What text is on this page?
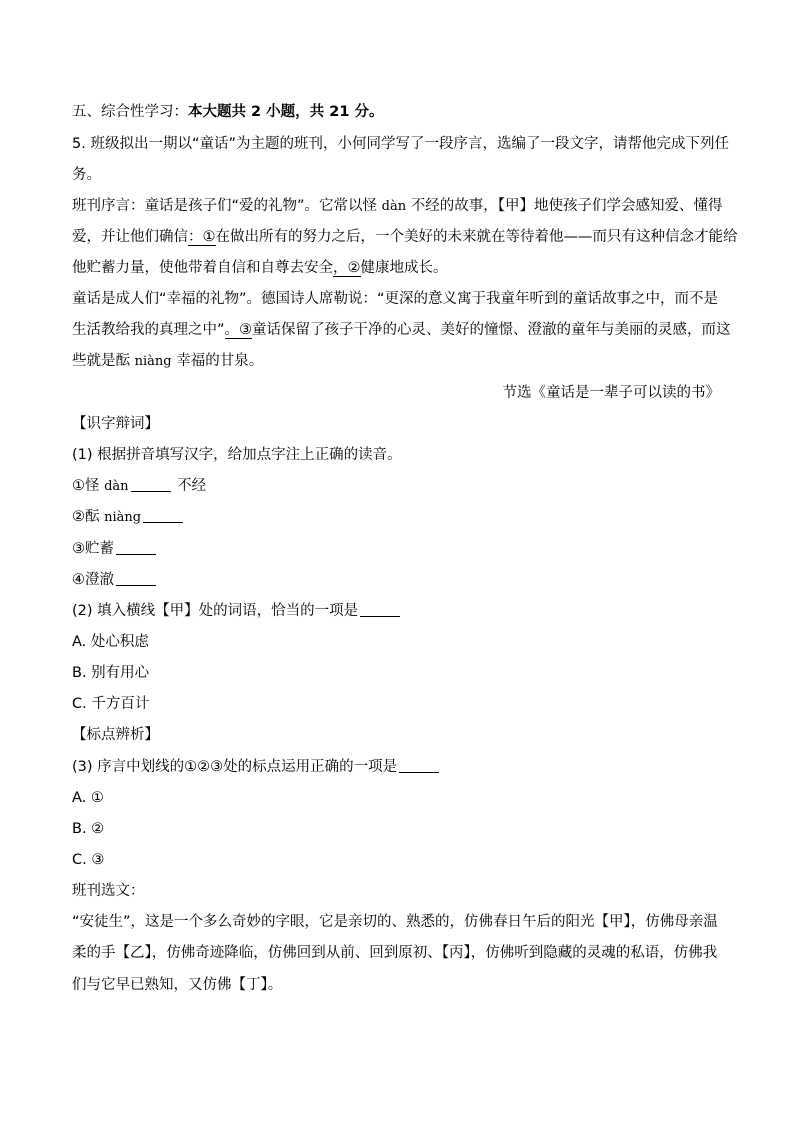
五、综合性学习：本大题共 2 小题，共 21 分。
5. 班级拟出一期以“童话”为主题的班刊，小何同学写了一段序言，选编了一段文字，请帮他完成下列任
务。
班刊序言：童话是孩子们“爱的礼物”。它常以怪 dàn 不经的故事，【甲】地使孩子们学会感知爱、懂得
爱，并让他们确信：①在做出所有的努力之后，一个美好的未来就在等待着他——而只有这种信念才能给
他贮蓄力量，使他带着自信和自尊去安全，②健康地成长。
童话是成人们“幸福的礼物”。德国诗人席勒说：“更深的意义寓于我童年听到的童话故事之中，而不是
生活教给我的真理之中”。③童话保留了孩子干净的心灵、美好的憧憬、澄澈的童年与美丽的灵感，而这
些就是酝 niàng 幸福的甘泉。
节选《童话是一辈子可以读的书》
【识字辩词】
(1) 根据拼音填写汉字，给加点字注上正确的读音。
①怪 dàn	不经
②酝 niàng
③贮蓄
④澄澈
(2) 填入横线【甲】处的词语，恰当的一项是
A. 处心积虑
B. 别有用心
C. 千方百计
【标点辨析】
(3) 序言中划线的①②③处的标点运用正确的一项是
A. ①
B. ②
C. ③
班刊选文：
“安徒生”，这是一个多么奇妙的字眼，它是亲切的、熟悉的，仿佛春日午后的阳光【甲】，仿佛母亲温
柔的手【乙】，仿佛奇迹降临，仿佛回到从前、回到原初、【丙】，仿佛听到隐藏的灵魂的私语，仿佛我
们与它早已熟知，又仿佛【丁】。
